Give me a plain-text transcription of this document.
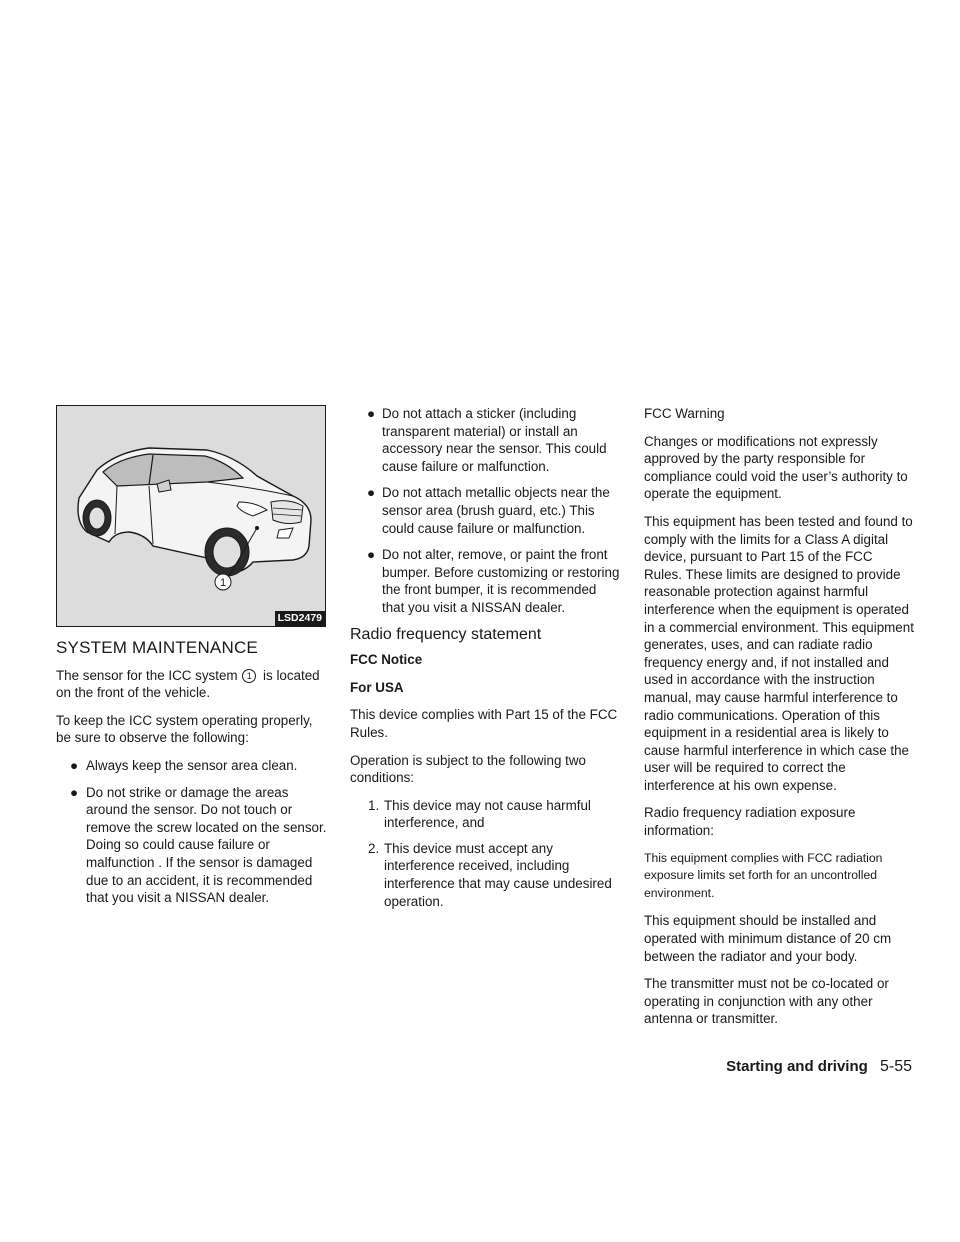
1
LSD2479
SYSTEM MAINTENANCE

The sensor for the ICC system 1 is located on the front of the vehicle.

To keep the ICC system operating properly, be sure to observe the following:

● Always keep the sensor area clean.
● Do not strike or damage the areas around the sensor. Do not touch or remove the screw located on the sensor. Doing so could cause failure or malfunction . If the sensor is damaged due to an accident, it is recommended that you visit a NISSAN dealer.
● Do not attach a sticker (including transparent material) or install an accessory near the sensor. This could cause failure or malfunction.
● Do not attach metallic objects near the sensor area (brush guard, etc.) This could cause failure or malfunction.
● Do not alter, remove, or paint the front bumper. Before customizing or restoring the front bumper, it is recommended that you visit a NISSAN dealer.
Radio frequency statement

FCC Notice

For USA

This device complies with Part 15 of the FCC Rules.

Operation is subject to the following two conditions:

1. This device may not cause harmful interference, and
2. This device must accept any interference received, including interference that may cause undesired operation.

FCC Warning

Changes or modifications not expressly approved by the party responsible for compliance could void the user’s authority to operate the equipment.

This equipment has been tested and found to comply with the limits for a Class A digital device, pursuant to Part 15 of the FCC Rules. These limits are designed to provide reasonable protection against harmful interference when the equipment is operated in a commercial environment. This equipment generates, uses, and can radiate radio frequency energy and, if not installed and used in accordance with the instruction manual, may cause harmful interference to radio communications. Operation of this equipment in a residential area is likely to cause harmful interference in which case the user will be required to correct the interference at his own expense.

Radio frequency radiation exposure information:

This equipment complies with FCC radiation exposure limits set forth for an uncontrolled environment.

This equipment should be installed and operated with minimum distance of 20 cm between the radiator and your body.

The transmitter must not be co-located or operating in conjunction with any other antenna or transmitter.

Starting and driving 5-55
